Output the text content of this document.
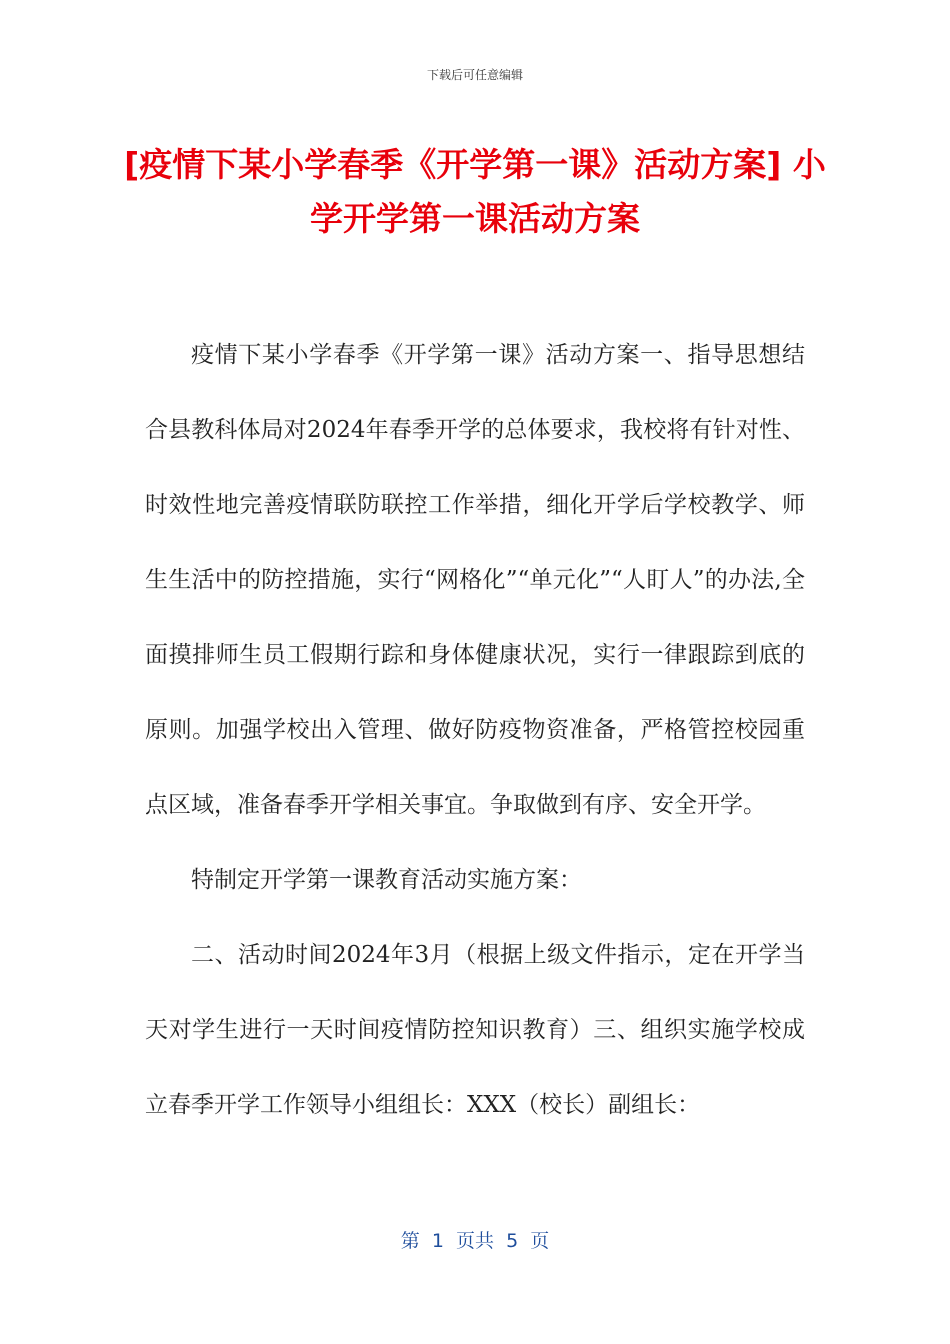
下载后可任意编辑
[疫情下某小学春季《开学第一课》活动方案] 小学开学第一课活动方案

疫情下某小学春季《开学第一课》活动方案一、指导思想结合县教科体局对2024年春季开学的总体要求，我校将有针对性、时效性地完善疫情联防联控工作举措，细化开学后学校教学、师生生活中的防控措施，实行“网格化”“单元化”“人盯人”的办法,全面摸排师生员工假期行踪和身体健康状况，实行一律跟踪到底的原则。加强学校出入管理、做好防疫物资准备，严格管控校园重点区域，准备春季开学相关事宜。争取做到有序、安全开学。

特制定开学第一课教育活动实施方案：

二、活动时间2024年3月（根据上级文件指示，定在开学当天对学生进行一天时间疫情防控知识教育）三、组织实施学校成立春季开学工作领导小组组长：XXX（校长）副组长：

第  1  页共  5  页
